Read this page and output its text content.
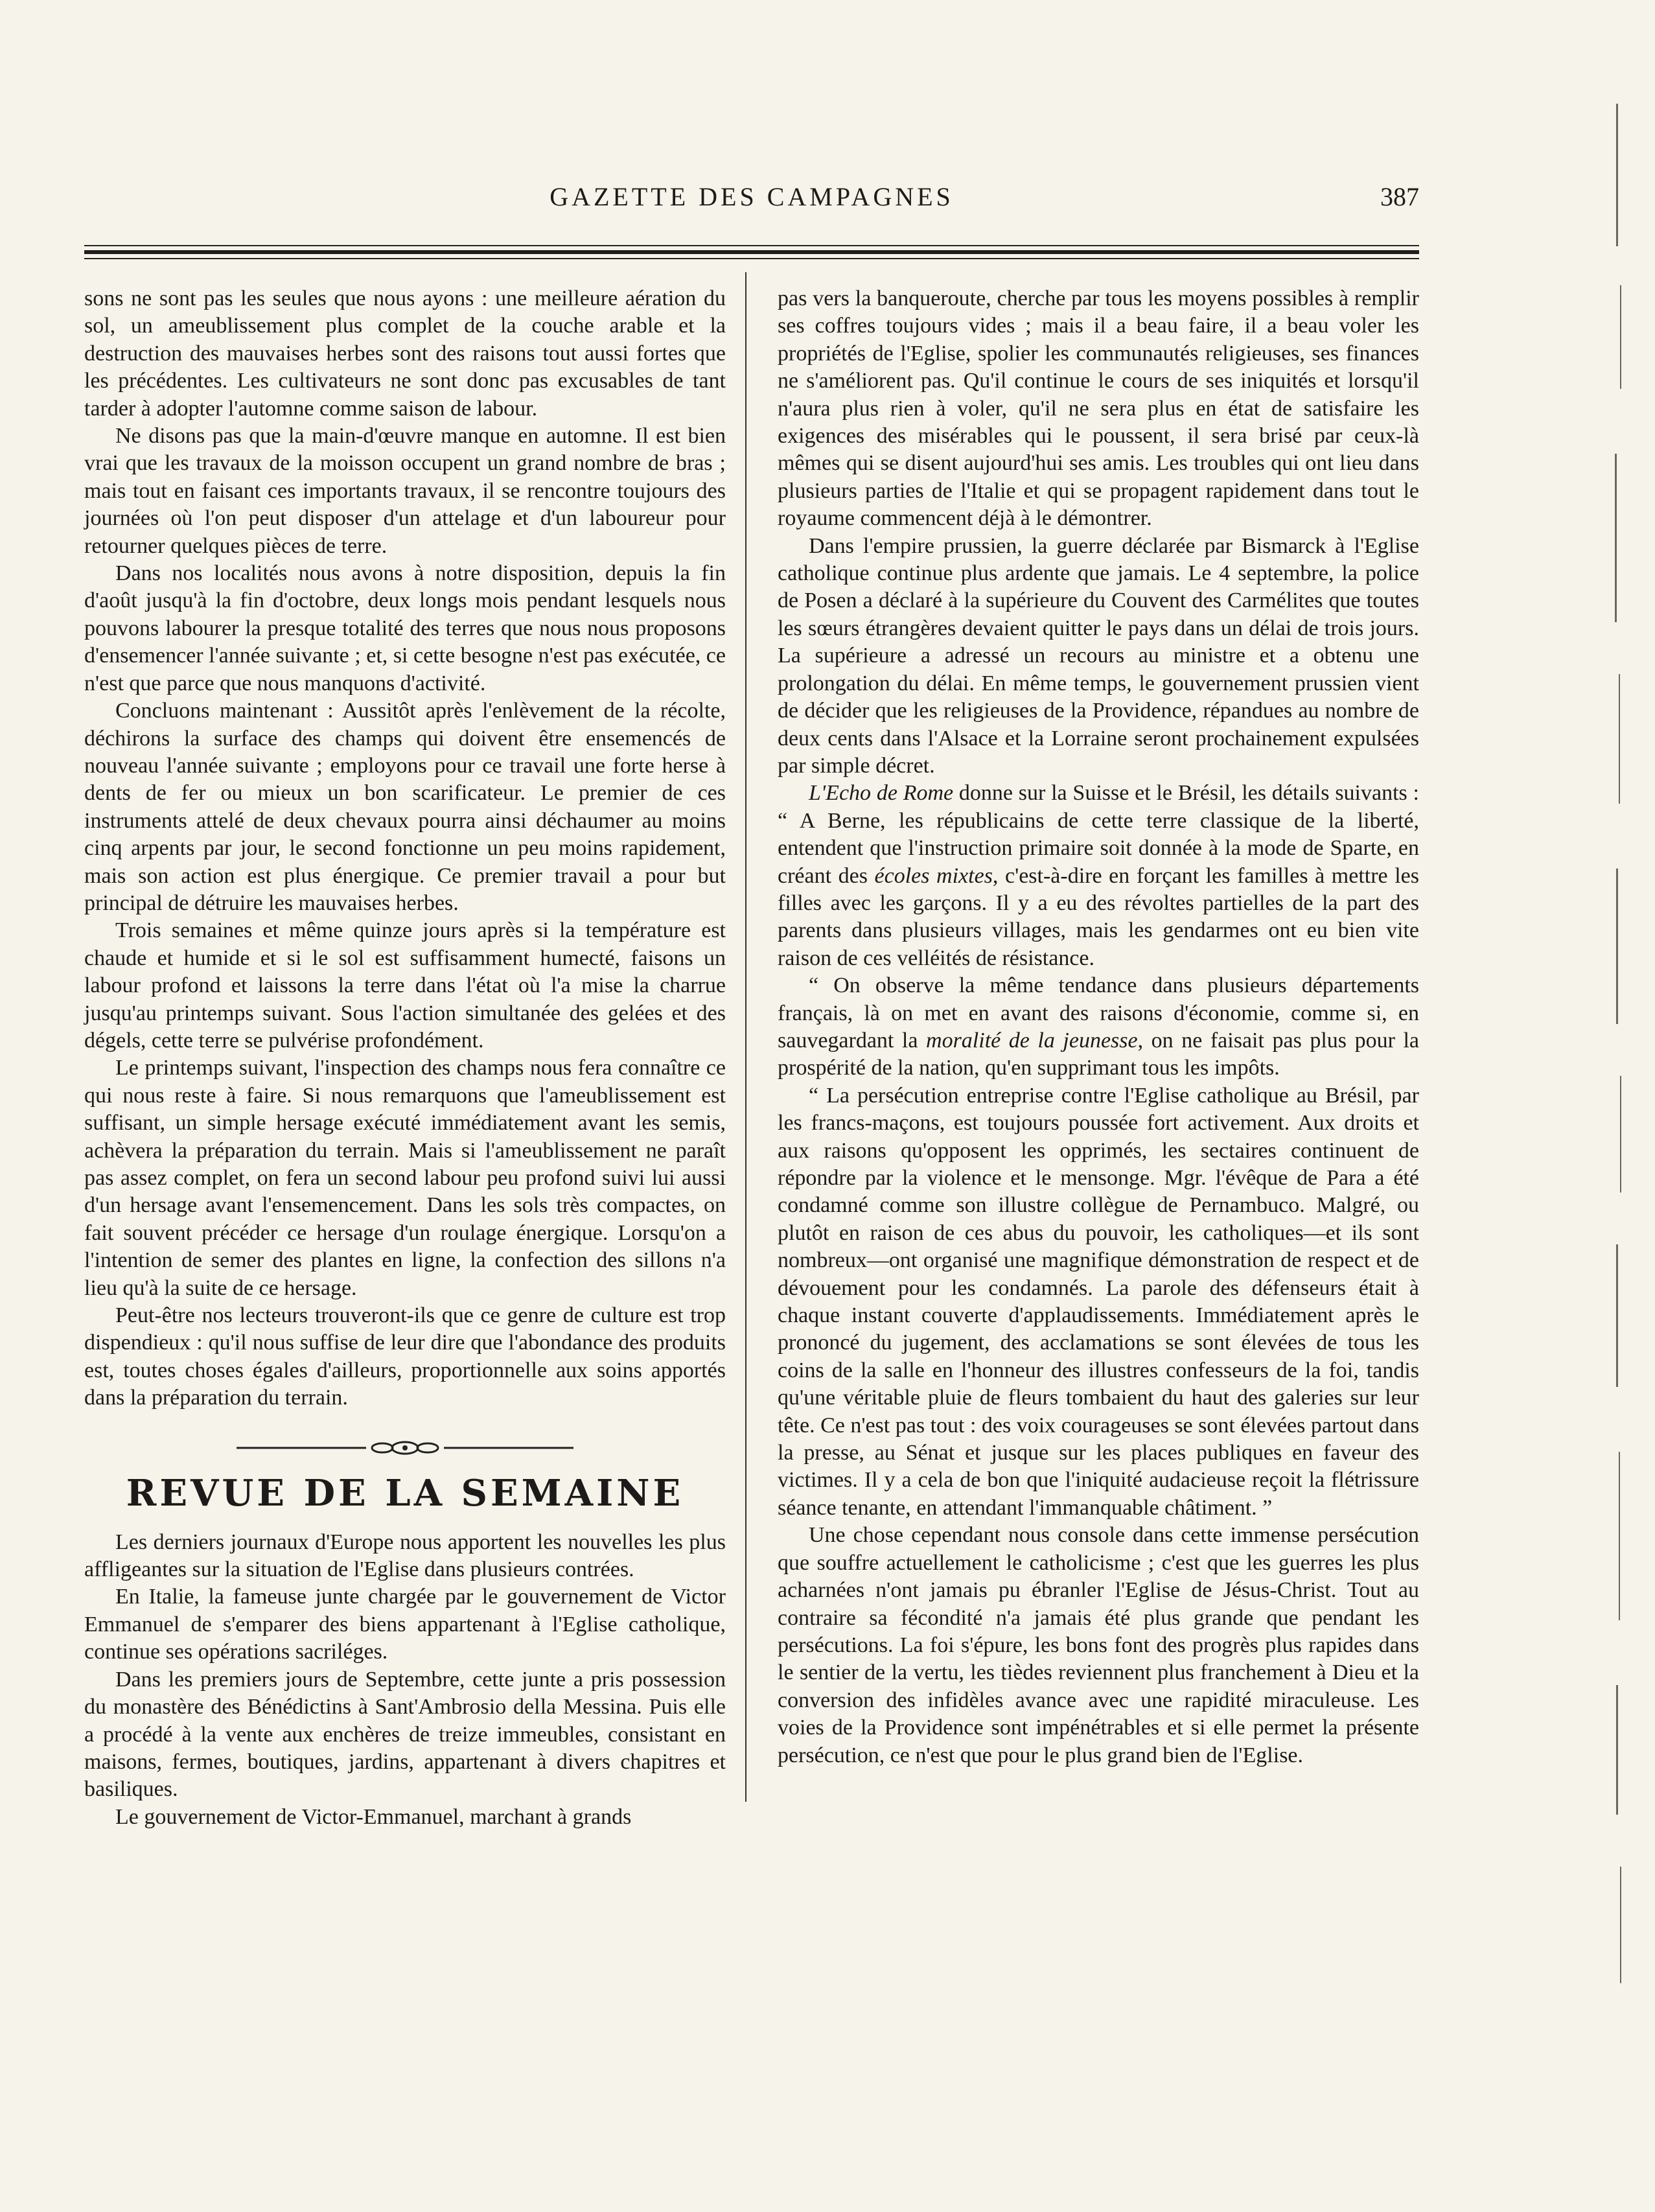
GAZETTE DES CAMPAGNES	387

sons ne sont pas les seules que nous ayons : une meilleure aération du sol, un ameublissement plus complet de la couche arable et la destruction des mauvaises herbes sont des raisons tout aussi fortes que les précédentes. Les cultivateurs ne sont donc pas excusables de tant tarder à adopter l'automne comme saison de labour.

Ne disons pas que la main-d'œuvre manque en automne. Il est bien vrai que les travaux de la moisson occupent un grand nombre de bras ; mais tout en faisant ces importants travaux, il se rencontre toujours des journées où l'on peut disposer d'un attelage et d'un laboureur pour retourner quelques pièces de terre.

Dans nos localités nous avons à notre disposition, depuis la fin d'août jusqu'à la fin d'octobre, deux longs mois pendant lesquels nous pouvons labourer la presque totalité des terres que nous nous proposons d'ensemencer l'année suivante ; et, si cette besogne n'est pas exécutée, ce n'est que parce que nous manquons d'activité.

Concluons maintenant : Aussitôt après l'enlèvement de la récolte, déchirons la surface des champs qui doivent être ensemencés de nouveau l'année suivante ; employons pour ce travail une forte herse à dents de fer ou mieux un bon scarificateur. Le premier de ces instruments attelé de deux chevaux pourra ainsi déchaumer au moins cinq arpents par jour, le second fonctionne un peu moins rapidement, mais son action est plus énergique. Ce premier travail a pour but principal de détruire les mauvaises herbes.

Trois semaines et même quinze jours après si la température est chaude et humide et si le sol est suffisamment humecté, faisons un labour profond et laissons la terre dans l'état où l'a mise la charrue jusqu'au printemps suivant. Sous l'action simultanée des gelées et des dégels, cette terre se pulvérise profondément.

Le printemps suivant, l'inspection des champs nous fera connaître ce qui nous reste à faire. Si nous remarquons que l'ameublissement est suffisant, un simple hersage exécuté immédiatement avant les semis, achèvera la préparation du terrain. Mais si l'ameublissement ne paraît pas assez complet, on fera un second labour peu profond suivi lui aussi d'un hersage avant l'ensemencement. Dans les sols très compactes, on fait souvent précéder ce hersage d'un roulage énergique. Lorsqu'on a l'intention de semer des plantes en ligne, la confection des sillons n'a lieu qu'à la suite de ce hersage.

Peut-être nos lecteurs trouveront-ils que ce genre de culture est trop dispendieux : qu'il nous suffise de leur dire que l'abondance des produits est, toutes choses égales d'ailleurs, proportionnelle aux soins apportés dans la préparation du terrain.

REVUE DE LA SEMAINE

Les derniers journaux d'Europe nous apportent les nouvelles les plus affligeantes sur la situation de l'Eglise dans plusieurs contrées.

En Italie, la fameuse junte chargée par le gouvernement de Victor Emmanuel de s'emparer des biens appartenant à l'Eglise catholique, continue ses opérations sacriléges.

Dans les premiers jours de Septembre, cette junte a pris possession du monastère des Bénédictins à Sant'Ambrosio della Messina. Puis elle a procédé à la vente aux enchères de treize immeubles, consistant en maisons, fermes, boutiques, jardins, appartenant à divers chapitres et basiliques.

Le gouvernement de Victor-Emmanuel, marchant à grands

pas vers la banqueroute, cherche par tous les moyens possibles à remplir ses coffres toujours vides ; mais il a beau faire, il a beau voler les propriétés de l'Eglise, spolier les communautés religieuses, ses finances ne s'améliorent pas. Qu'il continue le cours de ses iniquités et lorsqu'il n'aura plus rien à voler, qu'il ne sera plus en état de satisfaire les exigences des misérables qui le poussent, il sera brisé par ceux-là mêmes qui se disent aujourd'hui ses amis. Les troubles qui ont lieu dans plusieurs parties de l'Italie et qui se propagent rapidement dans tout le royaume commencent déjà à le démontrer.

Dans l'empire prussien, la guerre déclarée par Bismarck à l'Eglise catholique continue plus ardente que jamais. Le 4 septembre, la police de Posen a déclaré à la supérieure du Couvent des Carmélites que toutes les sœurs étrangères devaient quitter le pays dans un délai de trois jours. La supérieure a adressé un recours au ministre et a obtenu une prolongation du délai. En même temps, le gouvernement prussien vient de décider que les religieuses de la Providence, répandues au nombre de deux cents dans l'Alsace et la Lorraine seront prochainement expulsées par simple décret.

L'Echo de Rome donne sur la Suisse et le Brésil, les détails suivants : “ A Berne, les républicains de cette terre classique de la liberté, entendent que l'instruction primaire soit donnée à la mode de Sparte, en créant des écoles mixtes, c'est-à-dire en forçant les familles à mettre les filles avec les garçons. Il y a eu des révoltes partielles de la part des parents dans plusieurs villages, mais les gendarmes ont eu bien vite raison de ces velléités de résistance.

“ On observe la même tendance dans plusieurs départements français, là on met en avant des raisons d'économie, comme si, en sauvegardant la moralité de la jeunesse, on ne faisait pas plus pour la prospérité de la nation, qu'en supprimant tous les impôts.

“ La persécution entreprise contre l'Eglise catholique au Brésil, par les francs-maçons, est toujours poussée fort activement. Aux droits et aux raisons qu'opposent les opprimés, les sectaires continuent de répondre par la violence et le mensonge. Mgr. l'évêque de Para a été condamné comme son illustre collègue de Pernambuco. Malgré, ou plutôt en raison de ces abus du pouvoir, les catholiques—et ils sont nombreux—ont organisé une magnifique démonstration de respect et de dévouement pour les condamnés. La parole des défenseurs était à chaque instant couverte d'applaudissements. Immédiatement après le prononcé du jugement, des acclamations se sont élevées de tous les coins de la salle en l'honneur des illustres confesseurs de la foi, tandis qu'une véritable pluie de fleurs tombaient du haut des galeries sur leur tête. Ce n'est pas tout : des voix courageuses se sont élevées partout dans la presse, au Sénat et jusque sur les places publiques en faveur des victimes. Il y a cela de bon que l'iniquité audacieuse reçoit la flétrissure séance tenante, en attendant l'immanquable châtiment. ”

Une chose cependant nous console dans cette immense persécution que souffre actuellement le catholicisme ; c'est que les guerres les plus acharnées n'ont jamais pu ébranler l'Eglise de Jésus-Christ. Tout au contraire sa fécondité n'a jamais été plus grande que pendant les persécutions. La foi s'épure, les bons font des progrès plus rapides dans le sentier de la vertu, les tièdes reviennent plus franchement à Dieu et la conversion des infidèles avance avec une rapidité miraculeuse. Les voies de la Providence sont impénétrables et si elle permet la présente persécution, ce n'est que pour le plus grand bien de l'Eglise.
